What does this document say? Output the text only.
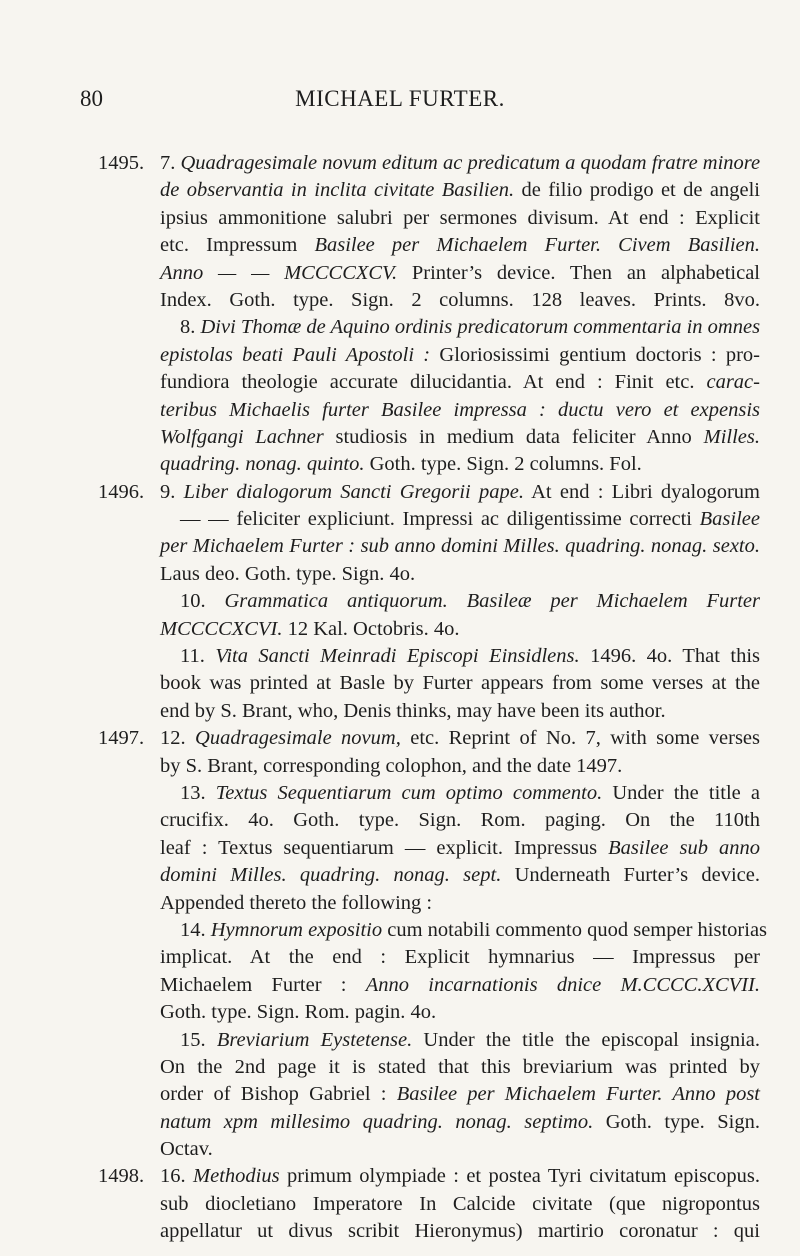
80	MICHAEL FURTER.
1495. 7. Quadragesimale novum editum ac predicatum a quodam fratre minore
de observantia in inclita civitate Basilien. de filio prodigo et de angeli
ipsius ammonitione salubri per sermones divisum. At end : Explicit
etc. Impressum Basilee per Michaelem Furter. Civem Basilien.
Anno — — MCCCCXCV. Printer’s device. Then an alphabetical
Index. Goth. type. Sign. 2 columns. 128 leaves. Prints. 8vo.
8. Divi Thomæ de Aquino ordinis predicatorum commentaria in omnes
epistolas beati Pauli Apostoli : Gloriosissimi gentium doctoris : pro-
fundiora theologie accurate dilucidantia. At end : Finit etc. carac-
teribus Michaelis furter Basilee impressa : ductu vero et expensis
Wolfgangi Lachner studiosis in medium data feliciter Anno Milles.
quadring. nonag. quinto. Goth. type. Sign. 2 columns. Fol.
1496. 9. Liber dialogorum Sancti Gregorii pape. At end : Libri dyalogorum
— — feliciter expliciunt. Impressi ac diligentissime correcti Basilee
per Michaelem Furter : sub anno domini Milles. quadring. nonag. sexto.
Laus deo. Goth. type. Sign. 4o.
10. Grammatica antiquorum. Basileæ per Michaelem Furter
MCCCCXCVI. 12 Kal. Octobris. 4o.
11. Vita Sancti Meinradi Episcopi Einsidlens. 1496. 4o. That this
book was printed at Basle by Furter appears from some verses at the
end by S. Brant, who, Denis thinks, may have been its author.
1497. 12. Quadragesimale novum, etc. Reprint of No. 7, with some verses
by S. Brant, corresponding colophon, and the date 1497.
13. Textus Sequentiarum cum optimo commento. Under the title a
crucifix. 4o. Goth. type. Sign. Rom. paging. On the 110th
leaf : Textus sequentiarum — explicit. Impressus Basilee sub anno
domini Milles. quadring. nonag. sept. Underneath Furter’s device.
Appended thereto the following :
14. Hymnorum expositio cum notabili commento quod semper historias
implicat. At the end : Explicit hymnarius — Impressus per
Michaelem Furter : Anno incarnationis dnice M.CCCC.XCVII.
Goth. type. Sign. Rom. pagin. 4o.
15. Breviarium Eystetense. Under the title the episcopal insignia.
On the 2nd page it is stated that this breviarium was printed by
order of Bishop Gabriel : Basilee per Michaelem Furter. Anno post
natum xpm millesimo quadring. nonag. septimo. Goth. type. Sign.
Octav.
1498. 16. Methodius primum olympiade : et postea Tyri civitatum episcopus.
sub diocletiano Imperatore In Calcide civitate (que nigropontus
appellatur ut divus scribit Hieronymus) martirio coronatur : qui
